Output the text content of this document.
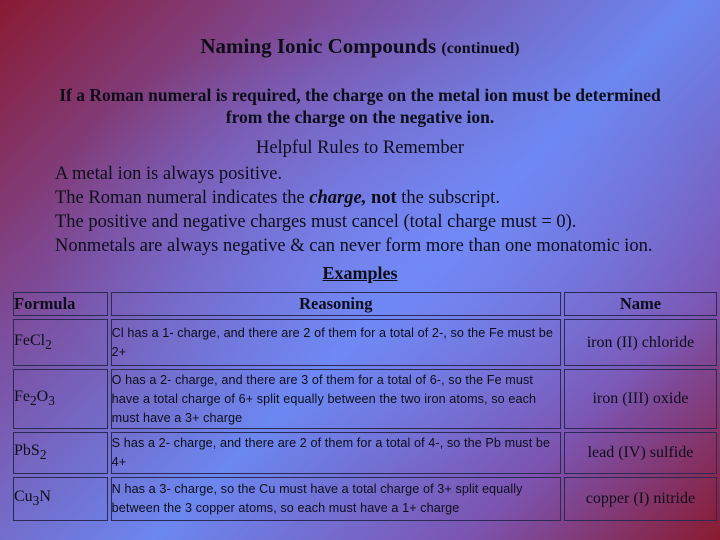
Naming Ionic Compounds (continued)
If a Roman numeral is required, the charge on the metal ion must be determined from the charge on the negative ion.
Helpful Rules to Remember
A metal ion is always positive.
The Roman numeral indicates the charge, not the subscript.
The positive and negative charges must cancel (total charge must = 0).
Nonmetals are always negative & can never form more than one monatomic ion.
Examples
Formula	Reasoning	Name
FeCl$_2$	Cl has a 1- charge, and there are 2 of them for a total of 2-, so the Fe must be 2+	iron (II) chloride
$Fe_2O_3$	O has a 2- charge, and there are 3 of them for a total of 6-, so the Fe must have a total charge of 6+ split equally between the two iron atoms, so each must have a 3+ charge	iron (III) oxide
PbS$_2$	S has a 2- charge, and there are 2 of them for a total of 4-, so the Pb must be 4+	lead (IV) sulfide
$Cu_3N$	N has a 3- charge, so the Cu must have a total charge of 3+ split equally between the 3 copper atoms, so each must have a 1+ charge	copper (I) nitride
